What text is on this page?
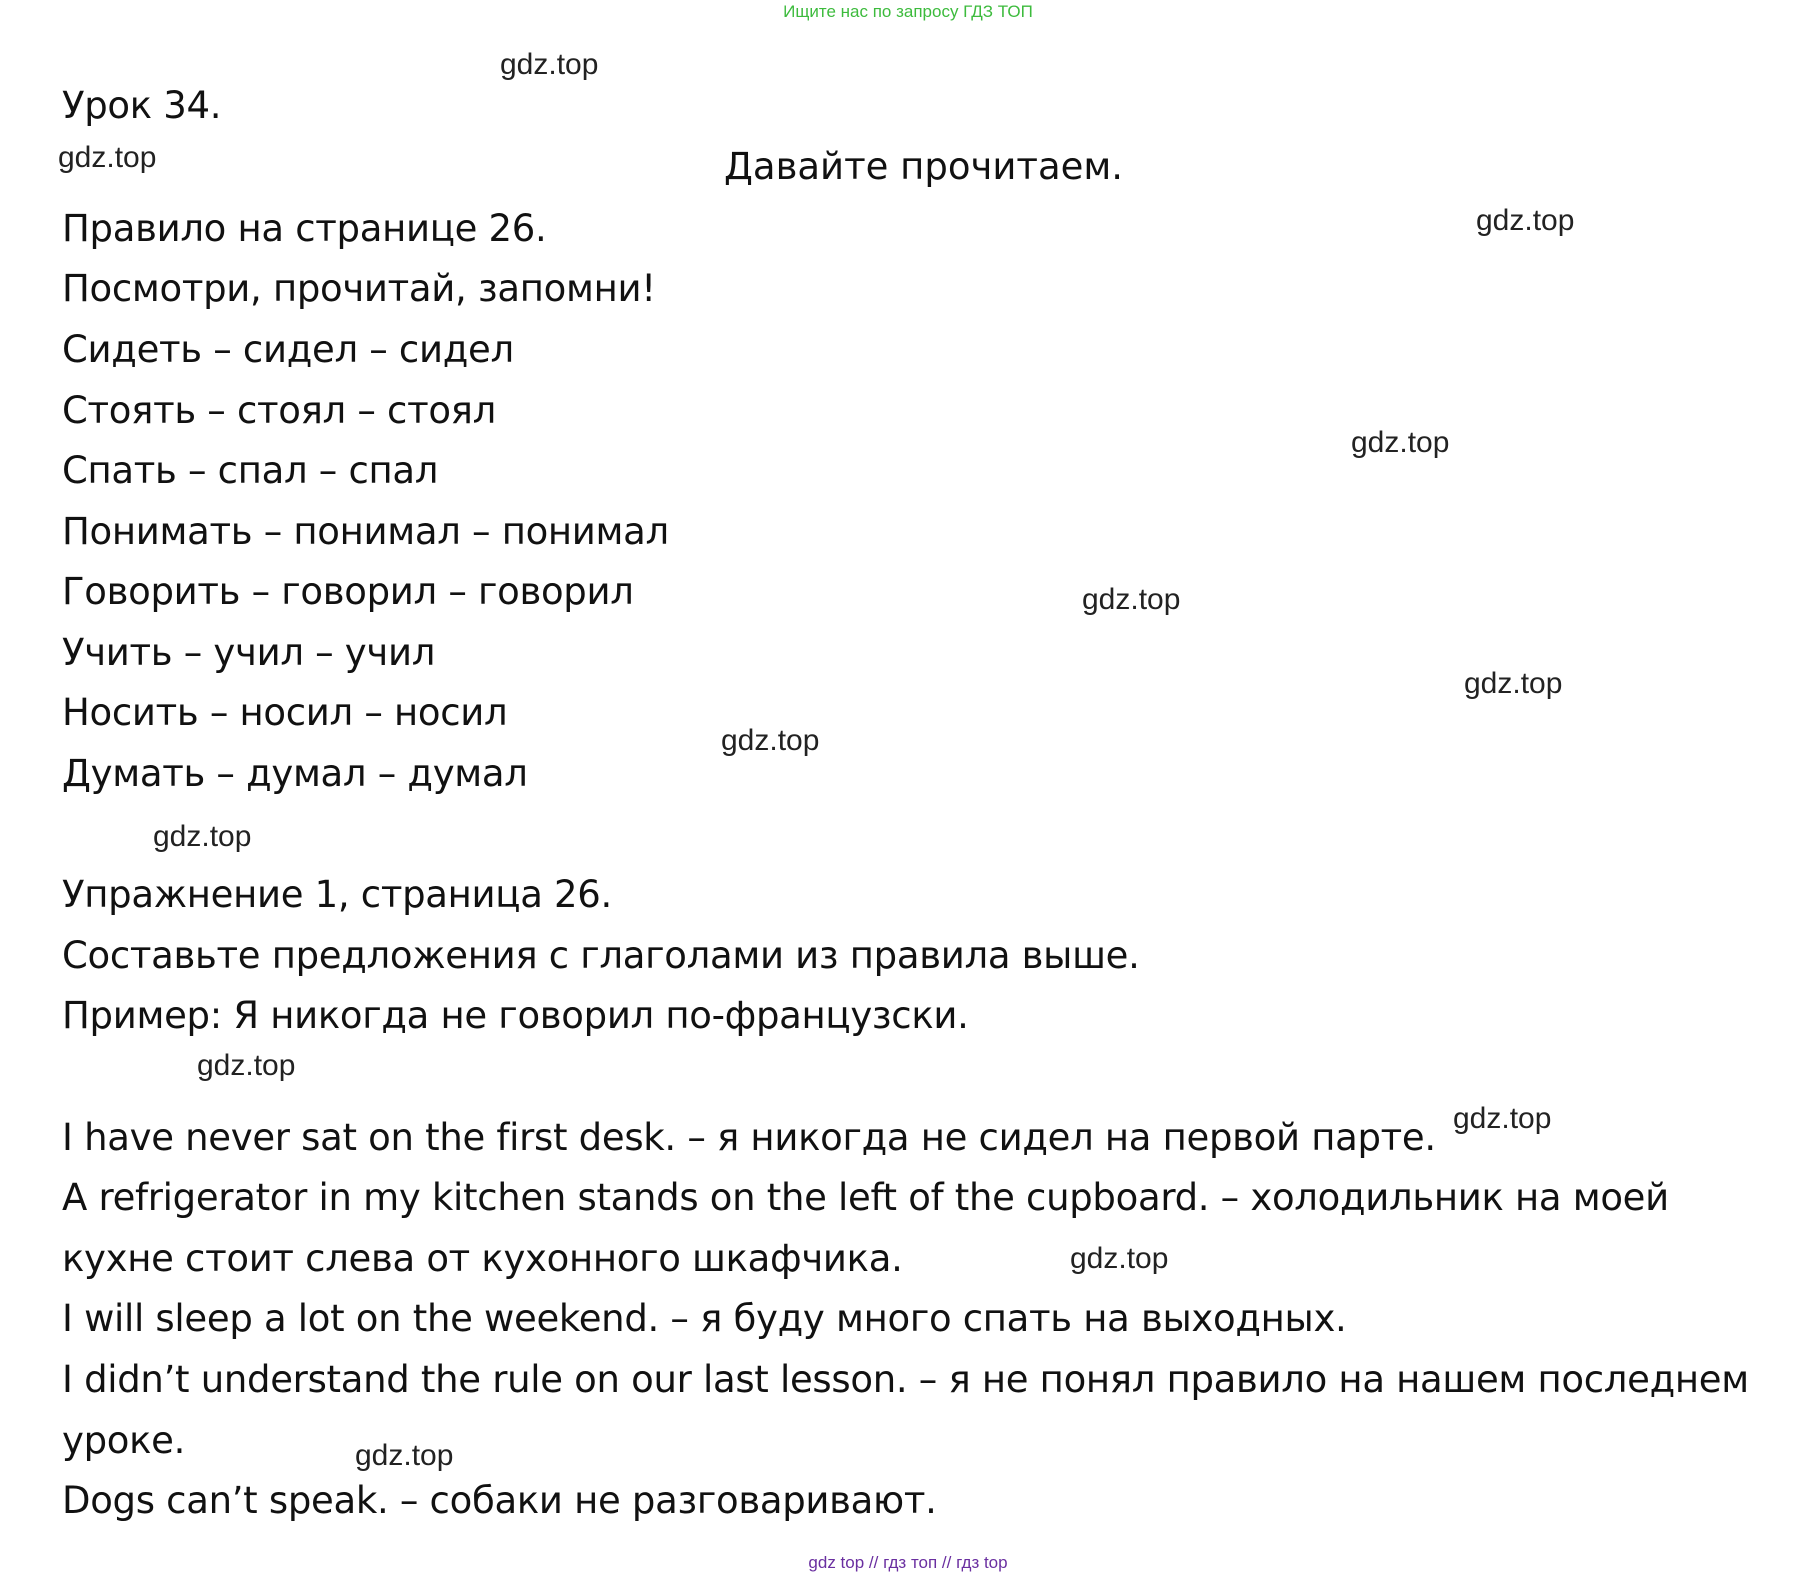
Ищите нас по запросу ГДЗ ТОП
Урок 34.
Давайте прочитаем.
Правило на странице 26.
Посмотри, прочитай, запомни!
Сидеть – сидел – сидел
Стоять – стоял – стоял
Спать – спал – спал
Понимать – понимал – понимал
Говорить – говорил – говорил
Учить – учил – учил
Носить – носил – носил
Думать – думал – думал
Упражнение 1, страница 26.
Составьте предложения с глаголами из правила выше.
Пример: Я никогда не говорил по-французски.
I have never sat on the first desk. – я никогда не сидел на первой парте.
A refrigerator in my kitchen stands on the left of the cupboard. – холодильник на моей
кухне стоит слева от кухонного шкафчика.
I will sleep a lot on the weekend. – я буду много спать на выходных.
I didn’t understand the rule on our last lesson. – я не понял правило на нашем последнем
уроке.
Dogs can’t speak. – собаки не разговаривают.
gdz.top
gdz.top
gdz.top
gdz.top
gdz.top
gdz.top
gdz.top
gdz.top
gdz.top
gdz.top
gdz.top
gdz.top
gdz top // гдз топ // гдз top
